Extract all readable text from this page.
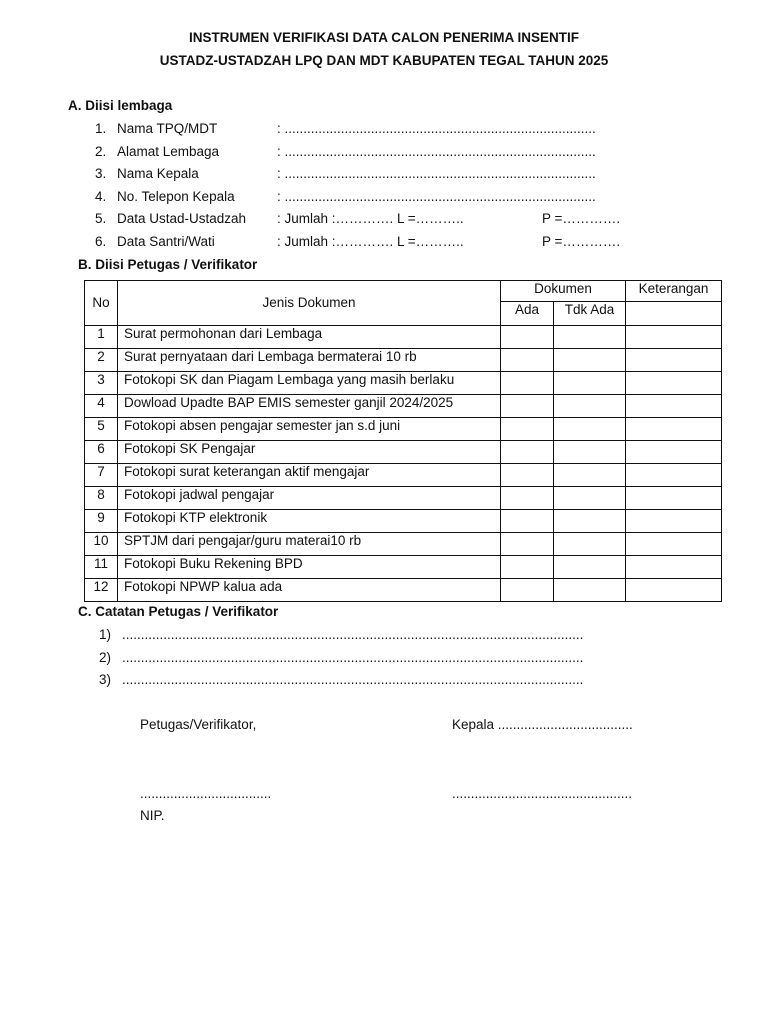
INSTRUMEN VERIFIKASI DATA CALON PENERIMA INSENTIF
USTADZ-USTADZAH LPQ DAN MDT KABUPATEN TEGAL TAHUN 2025
A. Diisi lembaga
1. Nama TPQ/MDT	: ...................................................................................
2. Alamat Lembaga	: ...................................................................................
3. Nama Kepala	: ...................................................................................
4. No. Telepon Kepala	: ...................................................................................
5. Data Ustad-Ustadzah : Jumlah :…………. L =………..	P =………….
6. Data Santri/Wati	: Jumlah :…………. L =………..	P =………….
B. Diisi Petugas / Verifikator
No	Jenis Dokumen	Dokumen		Keterangan
		Ada	Tdk Ada	
1	Surat permohonan dari Lembaga			
2	Surat pernyataan dari Lembaga bermaterai 10 rb			
3	Fotokopi SK dan Piagam Lembaga yang masih berlaku			
4	Dowload Upadte BAP EMIS semester ganjil 2024/2025			
5	Fotokopi absen pengajar semester jan s.d juni			
6	Fotokopi SK Pengajar			
7	Fotokopi surat keterangan aktif mengajar			
8	Fotokopi jadwal pengajar			
9	Fotokopi KTP elektronik			
10	SPTJM dari pengajar/guru materai10 rb			
11	Fotokopi Buku Rekening BPD			
12	Fotokopi NPWP kalua ada			
C. Catatan Petugas / Verifikator
1) ...........................................................................................................................
2) ...........................................................................................................................
3) ...........................................................................................................................
Petugas/Verifikator,	Kepala ....................................
...................................	................................................
NIP.
